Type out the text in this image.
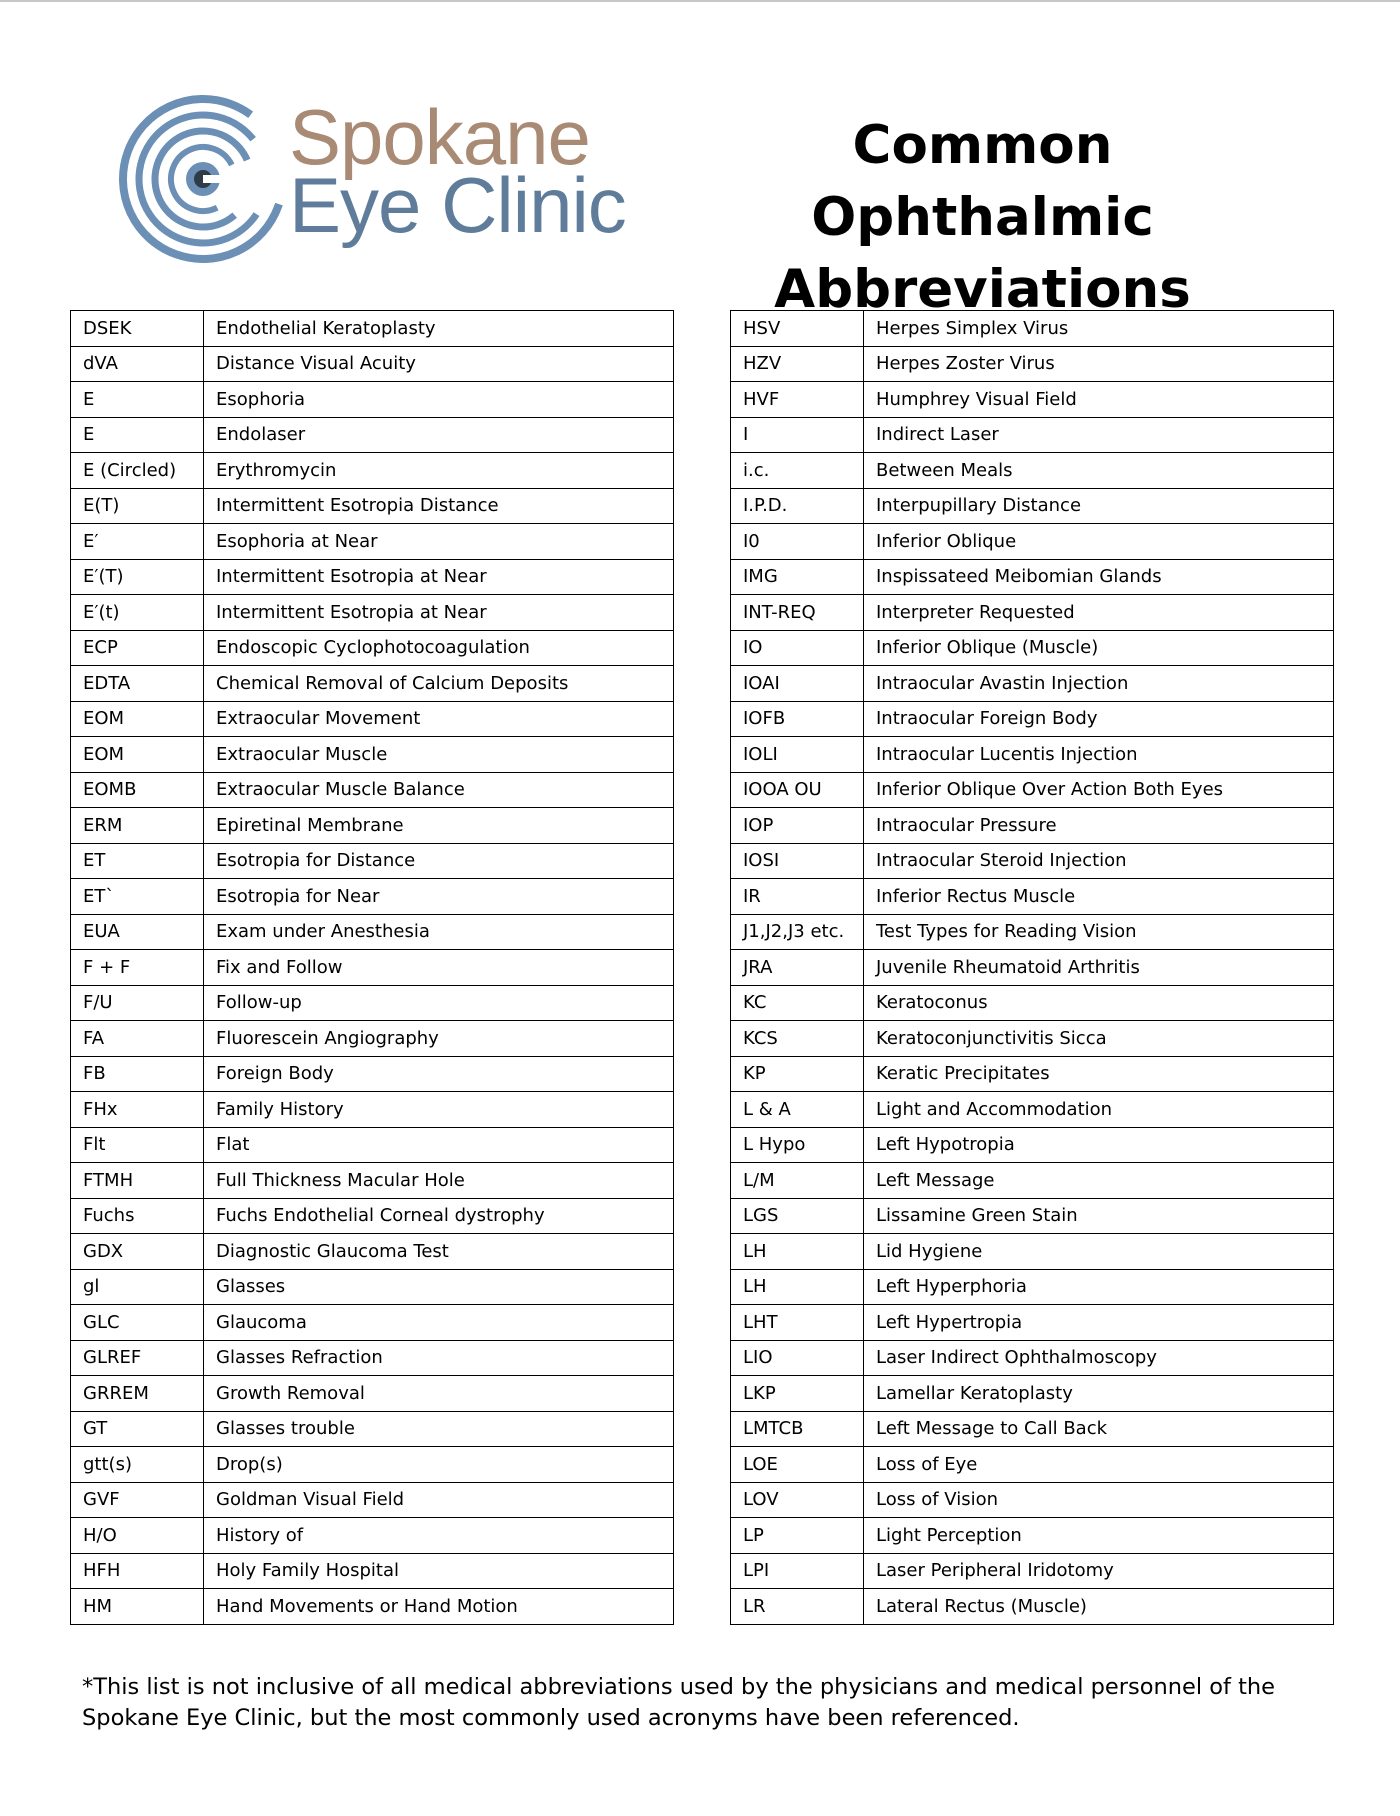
Spokane
Eye Clinic
Common Ophthalmic
Abbreviations
DSEK	Endothelial Keratoplasty
dVA	Distance Visual Acuity
E	Esophoria
E	Endolaser
E (Circled)	Erythromycin
E(T)	Intermittent Esotropia Distance
E′	Esophoria at Near
E′(T)	Intermittent Esotropia at Near
E′(t)	Intermittent Esotropia at Near
ECP	Endoscopic Cyclophotocoagulation
EDTA	Chemical Removal of Calcium Deposits
EOM	Extraocular Movement
EOM	Extraocular Muscle
EOMB	Extraocular Muscle Balance
ERM	Epiretinal Membrane
ET	Esotropia for Distance
ET`	Esotropia for Near
EUA	Exam under Anesthesia
F + F	Fix and Follow
F/U	Follow-up
FA	Fluorescein Angiography
FB	Foreign Body
FHx	Family History
Flt	Flat
FTMH	Full Thickness Macular Hole
Fuchs	Fuchs Endothelial Corneal dystrophy
GDX	Diagnostic Glaucoma Test
gl	Glasses
GLC	Glaucoma
GLREF	Glasses Refraction
GRREM	Growth Removal
GT	Glasses trouble
gtt(s)	Drop(s)
GVF	Goldman Visual Field
H/O	History of
HFH	Holy Family Hospital
HM	Hand Movements or Hand Motion
HSV	Herpes Simplex Virus
HZV	Herpes Zoster Virus
HVF	Humphrey Visual Field
I	Indirect Laser
i.c.	Between Meals
I.P.D.	Interpupillary Distance
I0	Inferior Oblique
IMG	Inspissateed Meibomian Glands
INT-REQ	Interpreter Requested
IO	Inferior Oblique (Muscle)
IOAI	Intraocular Avastin Injection
IOFB	Intraocular Foreign Body
IOLI	Intraocular Lucentis Injection
IOOA OU	Inferior Oblique Over Action Both Eyes
IOP	Intraocular Pressure
IOSI	Intraocular Steroid Injection
IR	Inferior Rectus Muscle
J1,J2,J3 etc.	Test Types for Reading Vision
JRA	Juvenile Rheumatoid Arthritis
KC	Keratoconus
KCS	Keratoconjunctivitis Sicca
KP	Keratic Precipitates
L & A	Light and Accommodation
L Hypo	Left Hypotropia
L/M	Left Message
LGS	Lissamine Green Stain
LH	Lid Hygiene
LH	Left Hyperphoria
LHT	Left Hypertropia
LIO	Laser Indirect Ophthalmoscopy
LKP	Lamellar Keratoplasty
LMTCB	Left Message to Call Back
LOE	Loss of Eye
LOV	Loss of Vision
LP	Light Perception
LPI	Laser Peripheral Iridotomy
LR	Lateral Rectus (Muscle)

*This list is not inclusive of all medical abbreviations used by the physicians and medical personnel of the Spokane Eye Clinic, but the most commonly used acronyms have been referenced.
